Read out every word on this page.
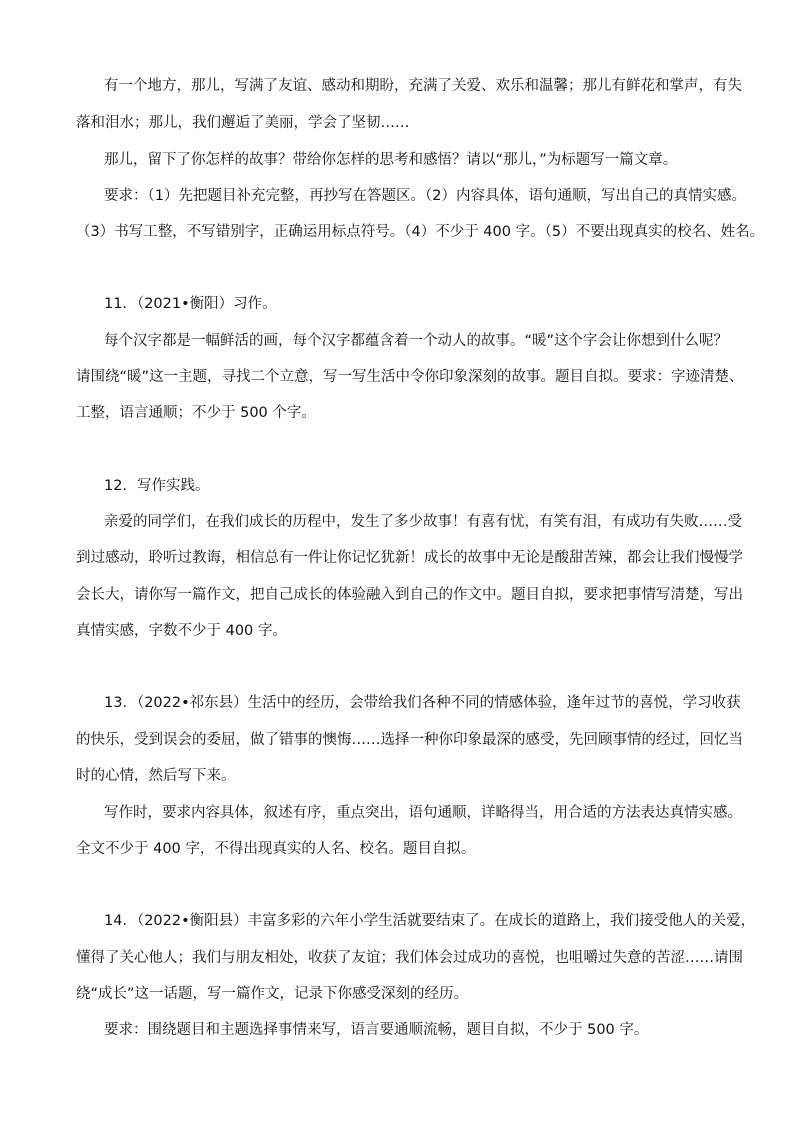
有一个地方，那儿，写满了友谊、感动和期盼，充满了关爱、欢乐和温馨；那儿有鲜花和掌声，有失
落和泪水；那儿，我们邂逅了美丽，学会了坚韧……
那儿，留下了你怎样的故事？带给你怎样的思考和感悟？请以“那儿，”为标题写一篇文章。
要求：（1）先把题目补充完整，再抄写在答题区。（2）内容具体，语句通顺，写出自己的真情实感。
（3）书写工整，不写错别字，正确运用标点符号。（4）不少于 400 字。（5）不要出现真实的校名、姓名。
11．（2021•衡阳）习作。
每个汉字都是一幅鲜活的画，每个汉字都蕴含着一个动人的故事。“暖”这个字会让你想到什么呢？
请围绕“暖”这一主题，寻找二个立意，写一写生活中令你印象深刻的故事。题目自拟。要求：字迹清楚、
工整，语言通顺；不少于 500 个字。
12．写作实践。
亲爱的同学们，在我们成长的历程中，发生了多少故事！有喜有忧，有笑有泪，有成功有失败……受
到过感动，聆听过教诲，相信总有一件让你记忆犹新！成长的故事中无论是酸甜苦辣，都会让我们慢慢学
会长大，请你写一篇作文，把自己成长的体验融入到自己的作文中。题目自拟，要求把事情写清楚，写出
真情实感，字数不少于 400 字。
13．（2022•祁东县）生活中的经历，会带给我们各种不同的情感体验，逢年过节的喜悦，学习收获
的快乐，受到误会的委屈，做了错事的懊悔……选择一种你印象最深的感受，先回顾事情的经过，回忆当
时的心情，然后写下来。
写作时，要求内容具体，叙述有序，重点突出，语句通顺，详略得当，用合适的方法表达真情实感。
全文不少于 400 字，不得出现真实的人名、校名。题目自拟。
14．（2022•衡阳县）丰富多彩的六年小学生活就要结束了。在成长的道路上，我们接受他人的关爱，
懂得了关心他人；我们与朋友相处，收获了友谊；我们体会过成功的喜悦，也咀嚼过失意的苦涩……请围
绕“成长”这一话题，写一篇作文，记录下你感受深刻的经历。
要求：围绕题目和主题选择事情来写，语言要通顺流畅，题目自拟，不少于 500 字。
